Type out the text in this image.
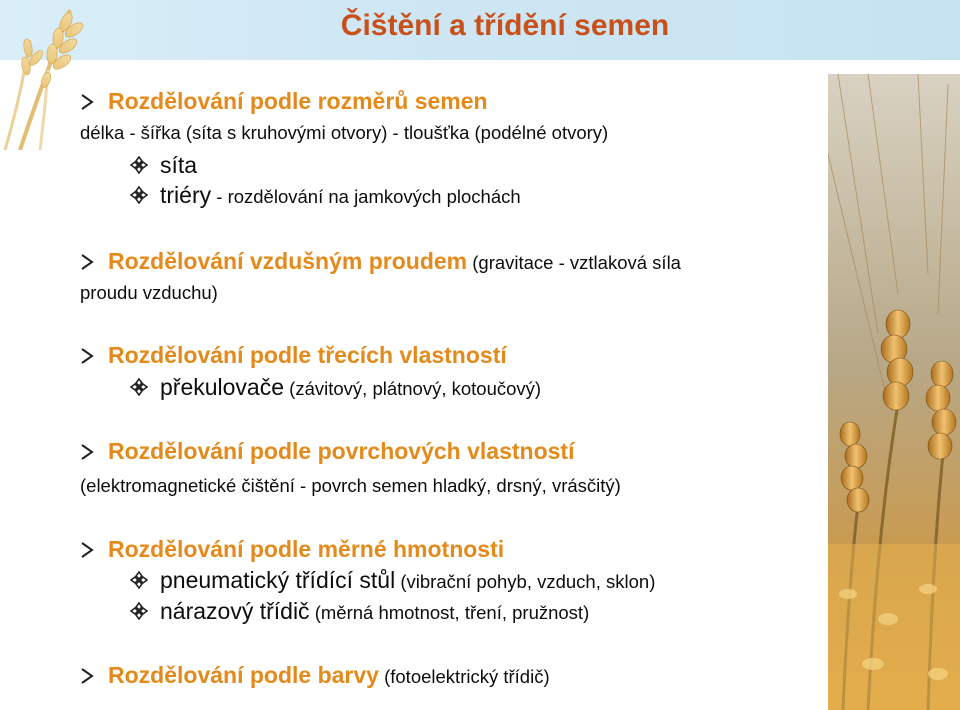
Čištění a třídění semen
Rozdělování podle rozměrů semen
délka - šířka (síta s kruhovými otvory) - tloušťka (podélné otvory)
síta
triéry - rozdělování na jamkových plochách
Rozdělování vzdušným proudem (gravitace - vztlaková síla
proudu vzduchu)
Rozdělování podle třecích vlastností
překulovače (závitový, plátnový, kotoučový)
Rozdělování podle povrchových vlastností
(elektromagnetické čištění - povrch semen hladký, drsný, vrásčitý)
Rozdělování podle měrné hmotnosti
pneumatický třídící stůl (vibrační pohyb, vzduch, sklon)
nárazový třídič (měrná hmotnost, tření, pružnost)
Rozdělování podle barvy (fotoelektrický třídič)
